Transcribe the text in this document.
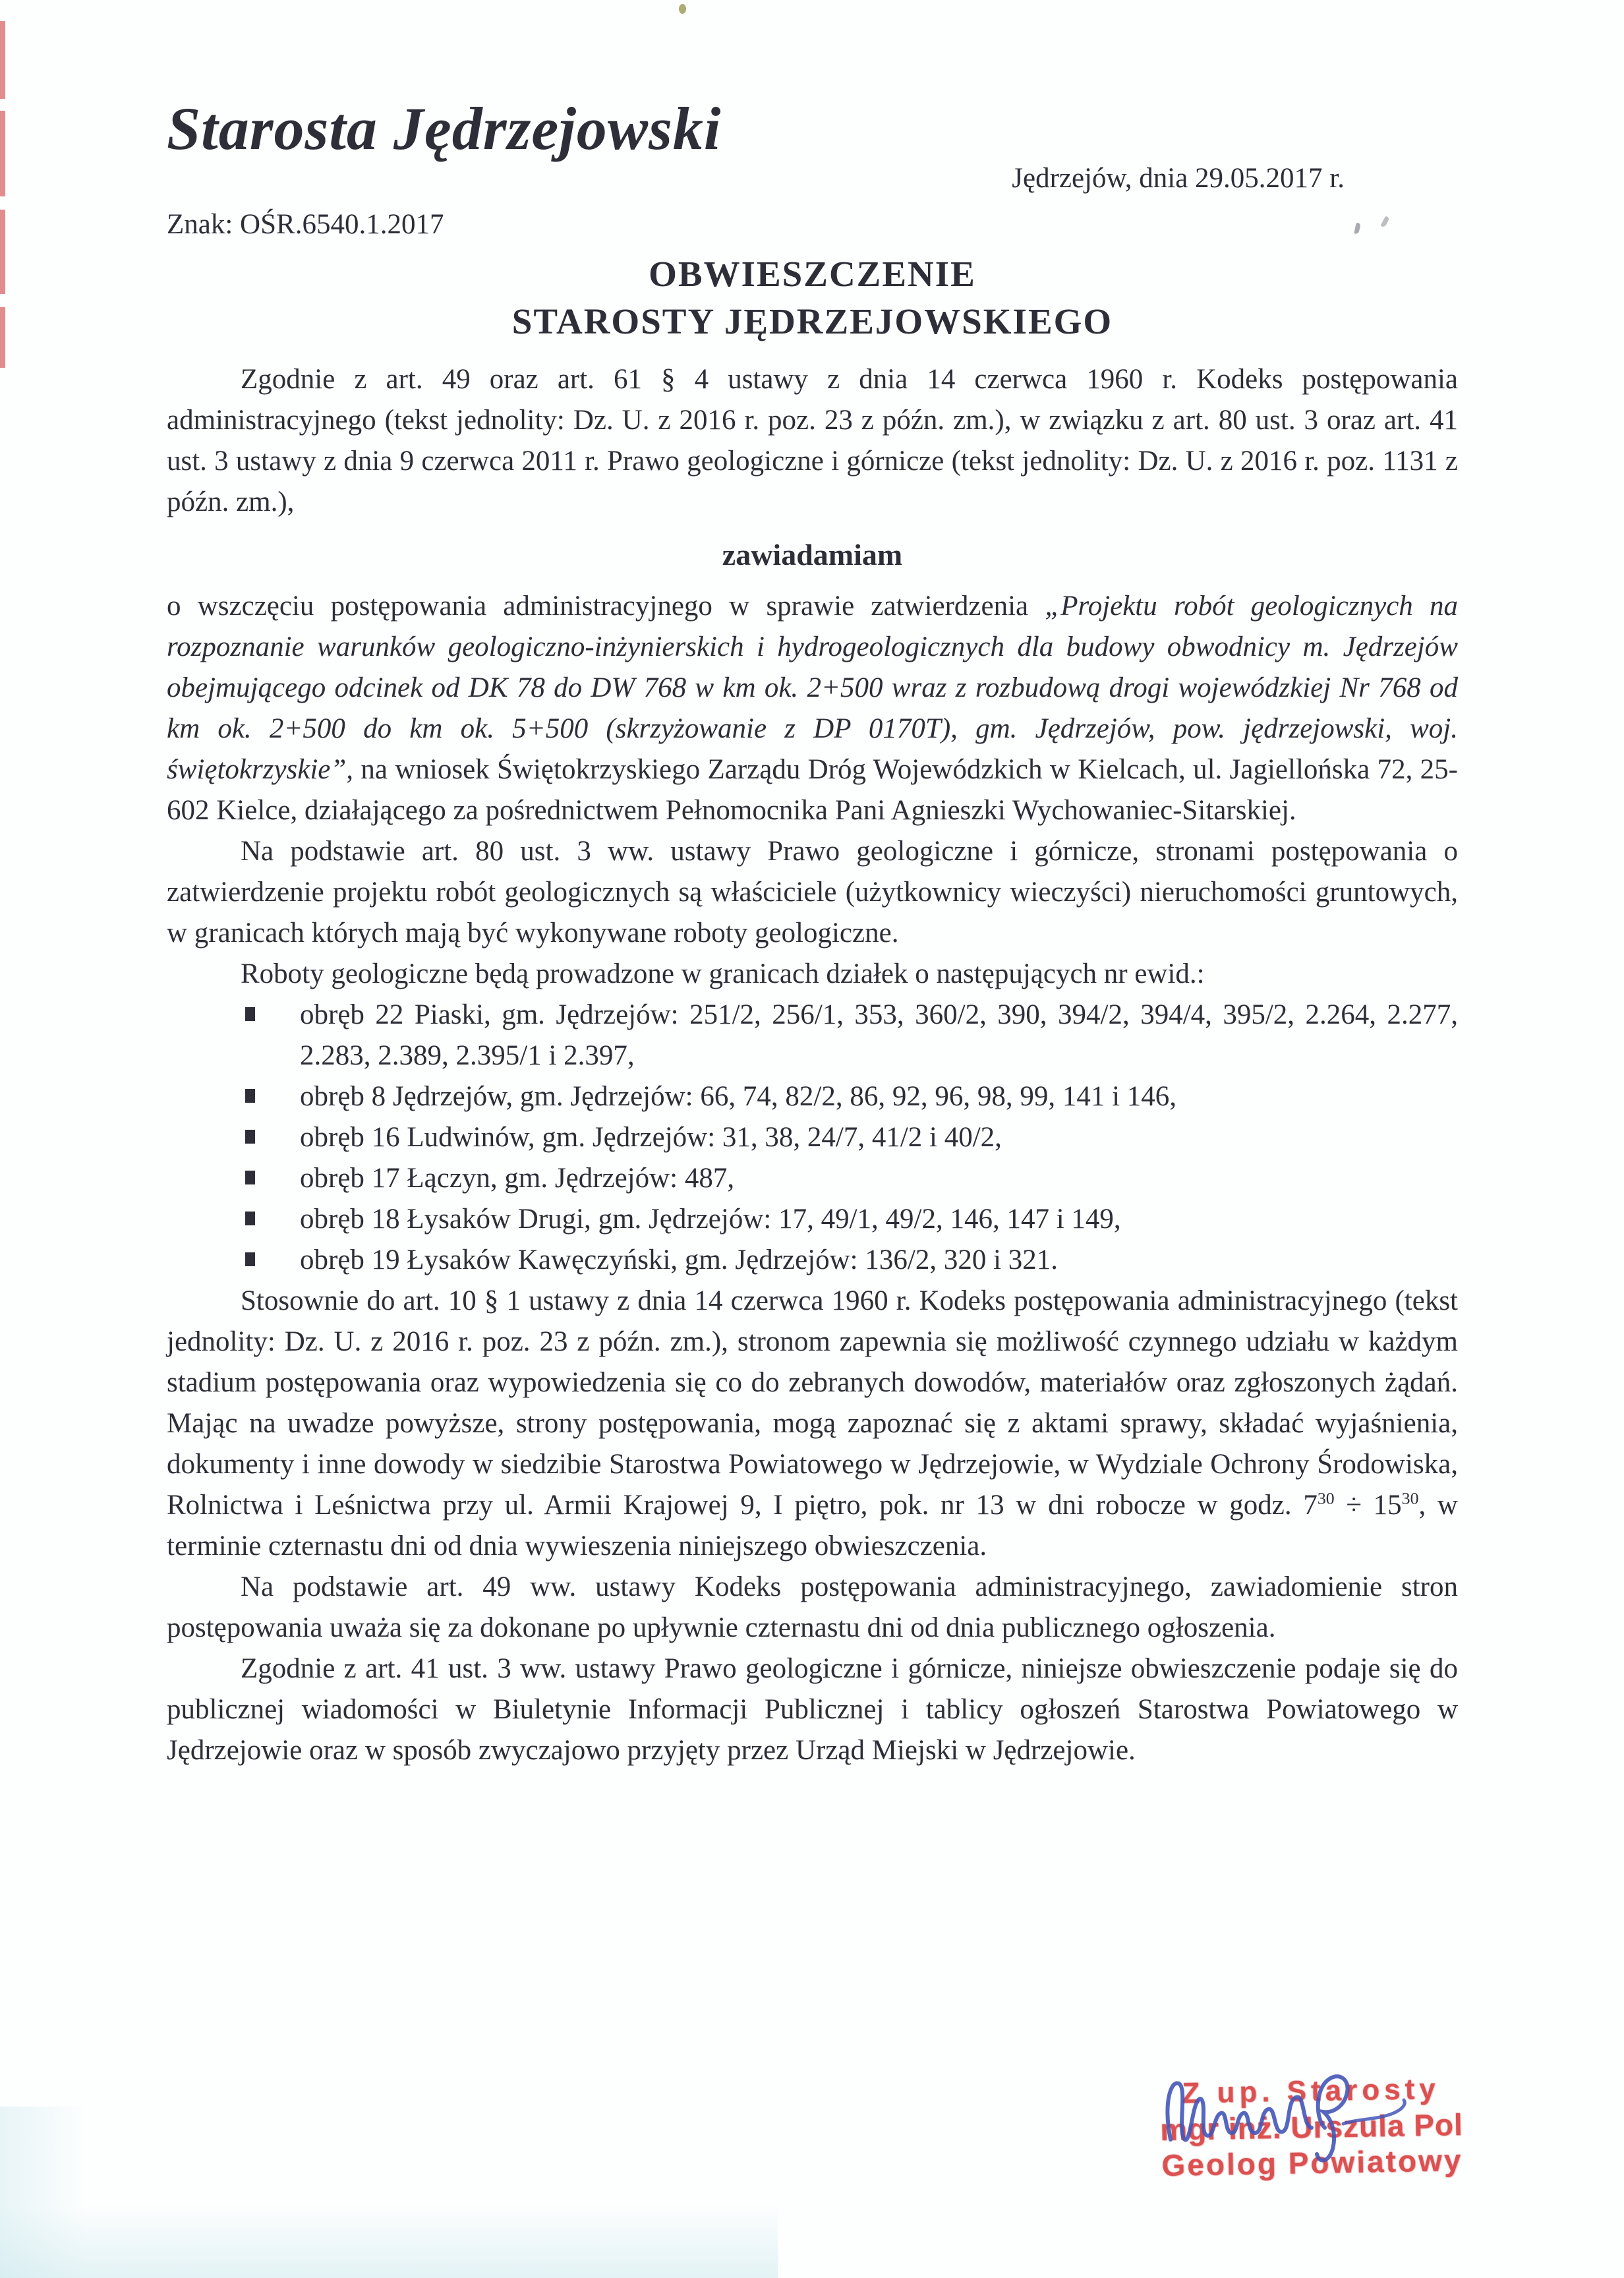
Starosta Jędrzejowski
Jędrzejów, dnia 29.05.2017 r.
Znak: OŚR.6540.1.2017
OBWIESZCZENIE
STAROSTY JĘDRZEJOWSKIEGO

Zgodnie z art. 49 oraz art. 61 § 4 ustawy z dnia 14 czerwca 1960 r. Kodeks postępowania administracyjnego (tekst jednolity: Dz. U. z 2016 r. poz. 23 z późn. zm.), w związku z art. 80 ust. 3 oraz art. 41 ust. 3 ustawy z dnia 9 czerwca 2011 r. Prawo geologiczne i górnicze (tekst jednolity: Dz. U. z 2016 r. poz. 1131 z późn. zm.),

zawiadamiam

o wszczęciu postępowania administracyjnego w sprawie zatwierdzenia „Projektu robót geologicznych na rozpoznanie warunków geologiczno-inżynierskich i hydrogeologicznych dla budowy obwodnicy m. Jędrzejów obejmującego odcinek od DK 78 do DW 768 w km ok. 2+500 wraz z rozbudową drogi wojewódzkiej Nr 768 od km ok. 2+500 do km ok. 5+500 (skrzyżowanie z DP 0170T), gm. Jędrzejów, pow. jędrzejowski, woj. świętokrzyskie”, na wniosek Świętokrzyskiego Zarządu Dróg Wojewódzkich w Kielcach, ul. Jagiellońska 72, 25-602 Kielce, działającego za pośrednictwem Pełnomocnika Pani Agnieszki Wychowaniec-Sitarskiej.

Na podstawie art. 80 ust. 3 ww. ustawy Prawo geologiczne i górnicze, stronami postępowania o zatwierdzenie projektu robót geologicznych są właściciele (użytkownicy wieczyści) nieruchomości gruntowych, w granicach których mają być wykonywane roboty geologiczne.

Roboty geologiczne będą prowadzone w granicach działek o następujących nr ewid.:

obręb 22 Piaski, gm. Jędrzejów: 251/2, 256/1, 353, 360/2, 390, 394/2, 394/4, 395/2, 2.264, 2.277, 2.283, 2.389, 2.395/1 i 2.397,
obręb 8 Jędrzejów, gm. Jędrzejów: 66, 74, 82/2, 86, 92, 96, 98, 99, 141 i 146,
obręb 16 Ludwinów, gm. Jędrzejów: 31, 38, 24/7, 41/2 i 40/2,
obręb 17 Łączyn, gm. Jędrzejów: 487,
obręb 18 Łysaków Drugi, gm. Jędrzejów: 17, 49/1, 49/2, 146, 147 i 149,
obręb 19 Łysaków Kawęczyński, gm. Jędrzejów: 136/2, 320 i 321.

Stosownie do art. 10 § 1 ustawy z dnia 14 czerwca 1960 r. Kodeks postępowania administracyjnego (tekst jednolity: Dz. U. z 2016 r. poz. 23 z późn. zm.), stronom zapewnia się możliwość czynnego udziału w każdym stadium postępowania oraz wypowiedzenia się co do zebranych dowodów, materiałów oraz zgłoszonych żądań. Mając na uwadze powyższe, strony postępowania, mogą zapoznać się z aktami sprawy, składać wyjaśnienia, dokumenty i inne dowody w siedzibie Starostwa Powiatowego w Jędrzejowie, w Wydziale Ochrony Środowiska, Rolnictwa i Leśnictwa przy ul. Armii Krajowej 9, I piętro, pok. nr 13 w dni robocze w godz. $7^{30} \div 15^{30}$, w terminie czternastu dni od dnia wywieszenia niniejszego obwieszczenia.

Na podstawie art. 49 ww. ustawy Kodeks postępowania administracyjnego, zawiadomienie stron postępowania uważa się za dokonane po upływnie czternastu dni od dnia publicznego ogłoszenia.

Zgodnie z art. 41 ust. 3 ww. ustawy Prawo geologiczne i górnicze, niniejsze obwieszczenie podaje się do publicznej wiadomości w Biuletynie Informacji Publicznej i tablicy ogłoszeń Starostwa Powiatowego w Jędrzejowie oraz w sposób zwyczajowo przyjęty przez Urząd Miejski w Jędrzejowie.

Z up. Starosty
mgr inż. Urszula Pol
Geolog Powiatowy
